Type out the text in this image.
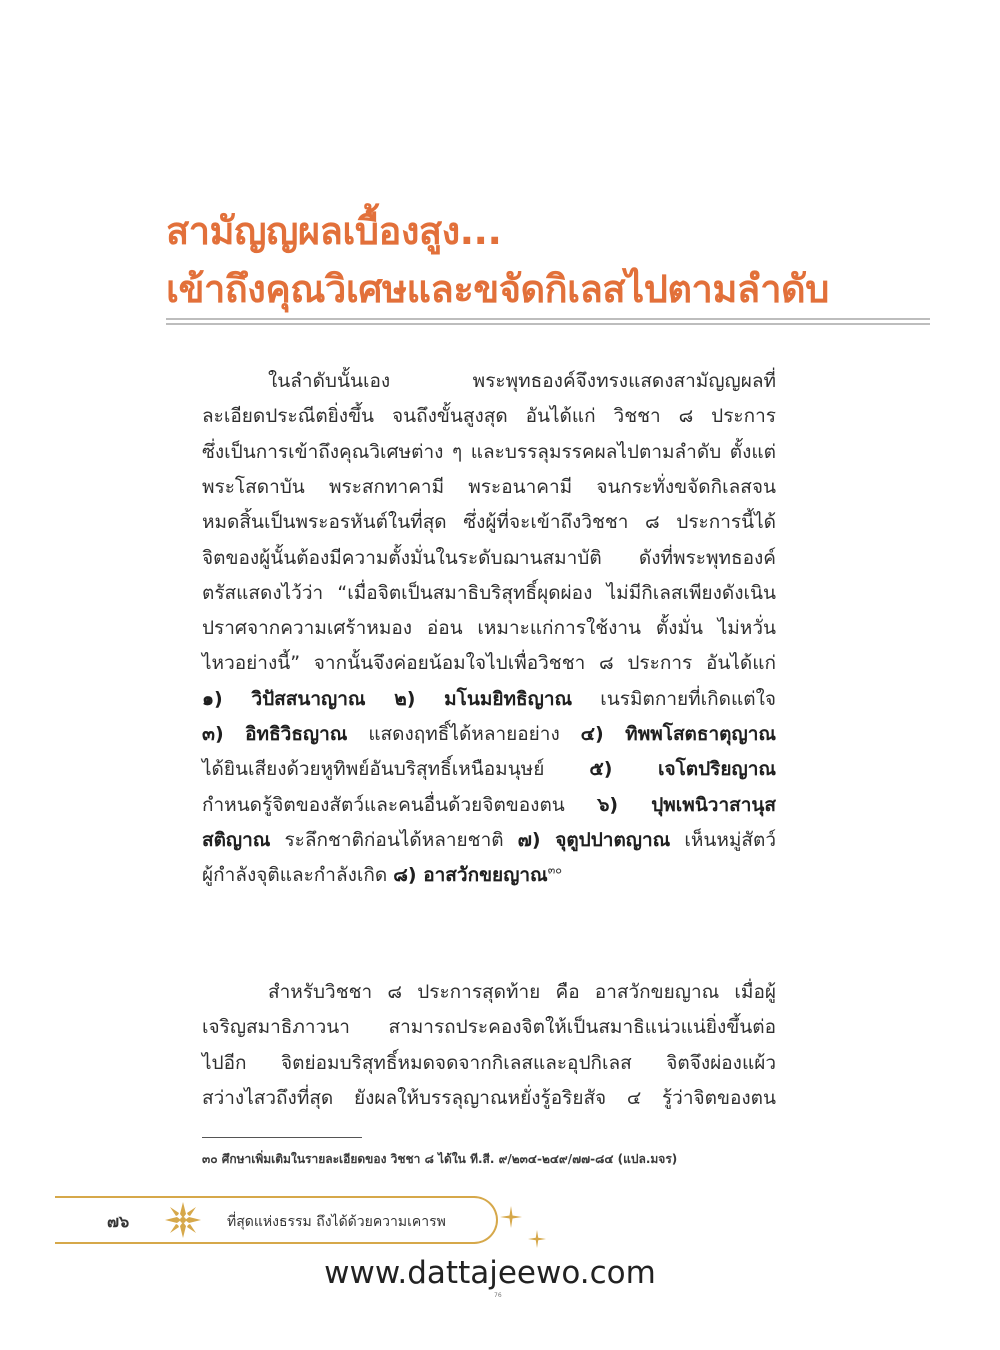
สามัญญผลเบื้องสูง...
เข้าถึงคุณวิเศษและขจัดกิเลสไปตามลำดับ
ในลำดับนั้นเอง พระพุทธองค์จึงทรงแสดงสามัญญผลที่
ละเอียดประณีตยิ่งขึ้น จนถึงขั้นสูงสุด อันได้แก่ วิชชา ๘ ประการ
ซึ่งเป็นการเข้าถึงคุณวิเศษต่าง ๆ และบรรลุมรรคผลไปตามลำดับ ตั้งแต่
พระโสดาบัน พระสกทาคามี พระอนาคามี จนกระทั่งขจัดกิเลสจน
หมดสิ้นเป็นพระอรหันต์ในที่สุด ซึ่งผู้ที่จะเข้าถึงวิชชา ๘ ประการนี้ได้
จิตของผู้นั้นต้องมีความตั้งมั่นในระดับฌานสมาบัติ ดังที่พระพุทธองค์
ตรัสแสดงไว้ว่า “เมื่อจิตเป็นสมาธิบริสุทธิ์ผุดผ่อง ไม่มีกิเลสเพียงดังเนิน
ปราศจากความเศร้าหมอง อ่อน เหมาะแก่การใช้งาน ตั้งมั่น ไม่หวั่น
ไหวอย่างนี้” จากนั้นจึงค่อยน้อมใจไปเพื่อวิชชา ๘ ประการ อันได้แก่
๑) วิปัสสนาญาณ ๒) มโนมยิทธิญาณ เนรมิตกายที่เกิดแต่ใจ
๓) อิทธิวิธญาณ แสดงฤทธิ์ได้หลายอย่าง ๔) ทิพพโสตธาตุญาณ
ได้ยินเสียงด้วยหูทิพย์อันบริสุทธิ์เหนือมนุษย์ ๕) เจโตปริยญาณ
กำหนดรู้จิตของสัตว์และคนอื่นด้วยจิตของตน ๖) ปุพเพนิวาสานุส
สติญาณ ระลึกชาติก่อนได้หลายชาติ ๗) จุตูปปาตญาณ เห็นหมู่สัตว์
ผู้กำลังจุติและกำลังเกิด ๘) อาสวักขยญาณ$^{๓๐}$
สำหรับวิชชา ๘ ประการสุดท้าย คือ อาสวักขยญาณ เมื่อผู้
เจริญสมาธิภาวนา สามารถประคองจิตให้เป็นสมาธิแน่วแน่ยิ่งขึ้นต่อ
ไปอีก จิตย่อมบริสุทธิ์หมดจดจากกิเลสและอุปกิเลส จิตจึงผ่องแผ้ว
สว่างไสวถึงที่สุด ยังผลให้บรรลุญาณหยั่งรู้อริยสัจ ๔ รู้ว่าจิตของตน
๓๐ ศึกษาเพิ่มเติมในรายละเอียดของ วิชชา ๘ ได้ใน ที.สี. ๙/๒๓๔-๒๔๙/๗๗-๘๔ (แปล.มจร)
๗๖	ที่สุดแห่งธรรม ถึงได้ด้วยความเคารพ
www.dattajeewo.com
76
